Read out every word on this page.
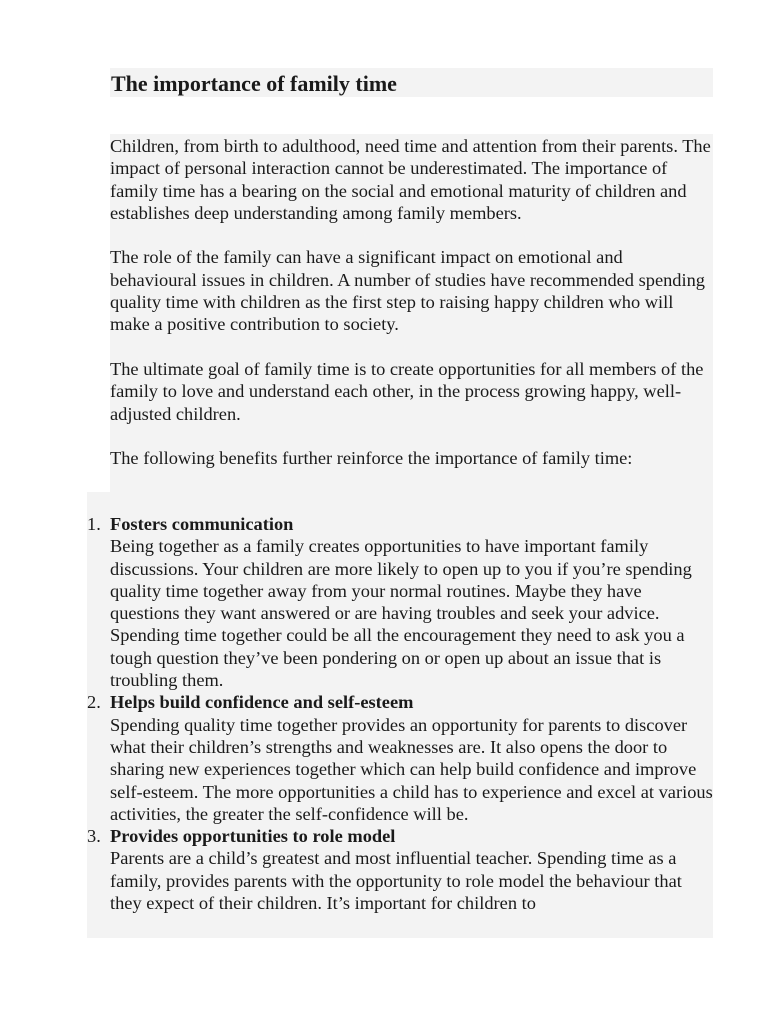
The importance of family time

Children, from birth to adulthood, need time and attention from their parents. The impact of personal interaction cannot be underestimated. The importance of family time has a bearing on the social and emotional maturity of children and establishes deep understanding among family members.

The role of the family can have a significant impact on emotional and behavioural issues in children. A number of studies have recommended spending quality time with children as the first step to raising happy children who will make a positive contribution to society.

The ultimate goal of family time is to create opportunities for all members of the family to love and understand each other, in the process growing happy, well-adjusted children.

The following benefits further reinforce the importance of family time:

1. Fosters communication
Being together as a family creates opportunities to have important family discussions. Your children are more likely to open up to you if you’re spending quality time together away from your normal routines. Maybe they have questions they want answered or are having troubles and seek your advice. Spending time together could be all the encouragement they need to ask you a tough question they’ve been pondering on or open up about an issue that is troubling them.
2. Helps build confidence and self-esteem
Spending quality time together provides an opportunity for parents to discover what their children’s strengths and weaknesses are. It also opens the door to sharing new experiences together which can help build confidence and improve self-esteem. The more opportunities a child has to experience and excel at various activities, the greater the self-confidence will be.
3. Provides opportunities to role model
Parents are a child’s greatest and most influential teacher. Spending time as a family, provides parents with the opportunity to role model the behaviour that they expect of their children. It’s important for children to
